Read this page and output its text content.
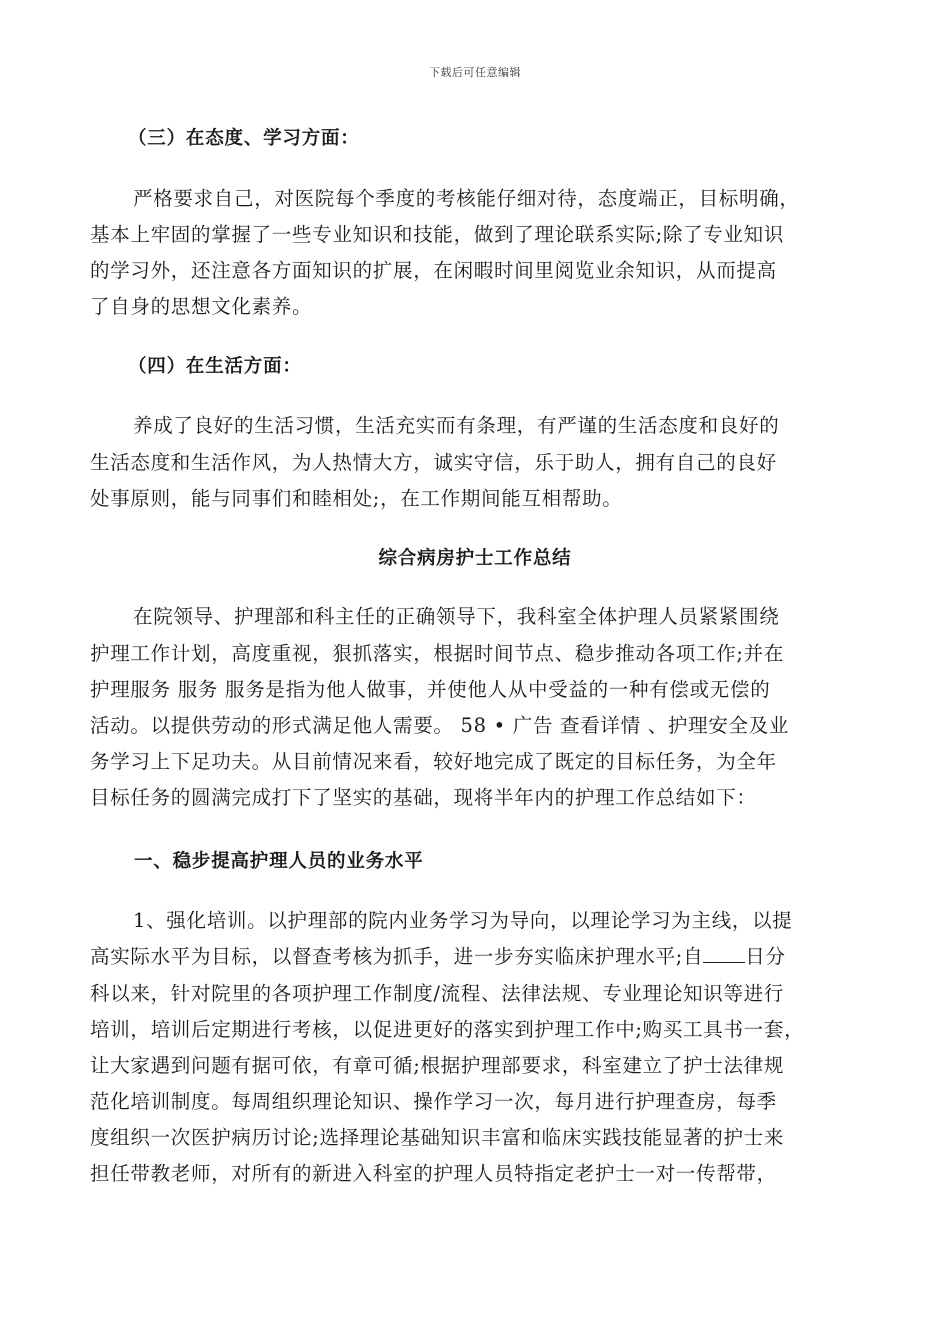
下载后可任意编辑
（三）在态度、学习方面：
严格要求自己，对医院每个季度的考核能仔细对待，态度端正，目标明确，
基本上牢固的掌握了一些专业知识和技能，做到了理论联系实际;除了专业知识
的学习外，还注意各方面知识的扩展，在闲暇时间里阅览业余知识，从而提高
了自身的思想文化素养。
（四）在生活方面：
养成了良好的生活习惯，生活充实而有条理，有严谨的生活态度和良好的
生活态度和生活作风，为人热情大方，诚实守信，乐于助人，拥有自己的良好
处事原则，能与同事们和睦相处;，在工作期间能互相帮助。
综合病房护士工作总结
在院领导、护理部和科主任的正确领导下，我科室全体护理人员紧紧围绕
护理工作计划，高度重视，狠抓落实，根据时间节点、稳步推动各项工作;并在
护理服务 服务 服务是指为他人做事，并使他人从中受益的一种有偿或无偿的
活动。以提供劳动的形式满足他人需要。 58 • 广告 查看详情 、护理安全及业
务学习上下足功夫。从目前情况来看，较好地完成了既定的目标任务，为全年
目标任务的圆满完成打下了坚实的基础，现将半年内的护理工作总结如下：
一、稳步提高护理人员的业务水平
1、强化培训。以护理部的院内业务学习为导向，以理论学习为主线，以提
高实际水平为目标，以督查考核为抓手，进一步夯实临床护理水平;自 日分
科以来，针对院里的各项护理工作制度/流程、法律法规、专业理论知识等进行
培训，培训后定期进行考核，以促进更好的落实到护理工作中;购买工具书一套，
让大家遇到问题有据可依，有章可循;根据护理部要求，科室建立了护士法律规
范化培训制度。每周组织理论知识、操作学习一次，每月进行护理查房，每季
度组织一次医护病历讨论;选择理论基础知识丰富和临床实践技能显著的护士来
担任带教老师，对所有的新进入科室的护理人员特指定老护士一对一传帮带，
